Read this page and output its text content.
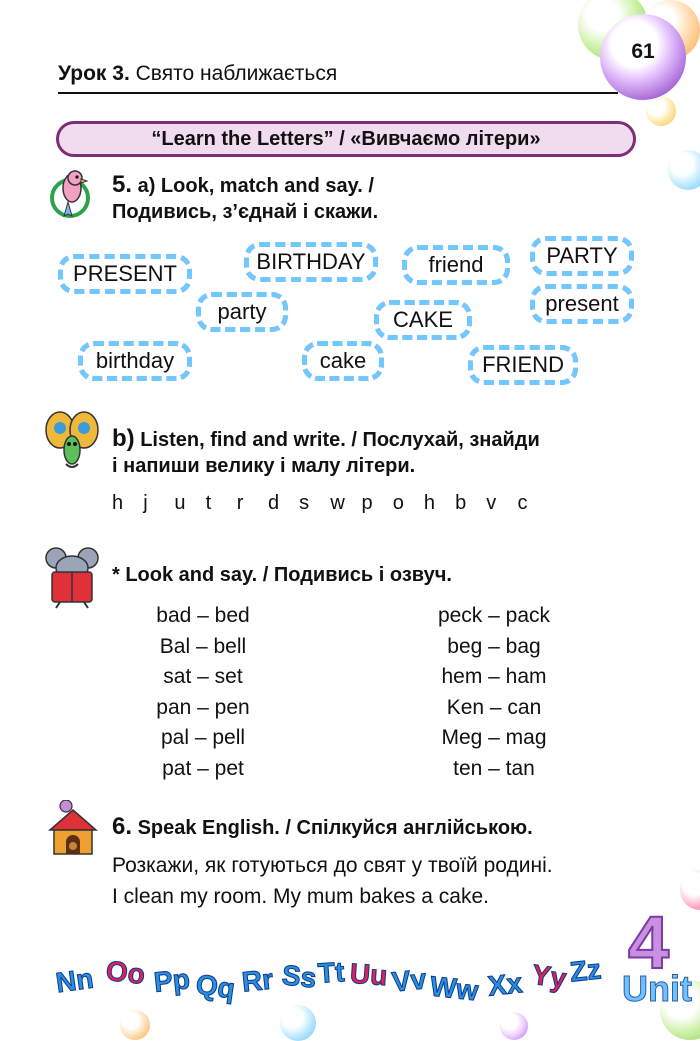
Урок 3. Свято наближається
61
“Learn the Letters” / «Вивчаємо літери»
5. a) Look, match and say. /
Подивись, з’єднай і скажи.
PRESENT	BIRTHDAY	friend	PARTY
party	CAKE
present
birthday	cake	FRIEND
b) Listen, find and write. / Послухай, знайди
і напиши велику і малу літери.
h j u t r d s w p o h b v c
* Look and say. / Подивись і озвуч.
bad – bed
Bal – bell
sat – set
pan – pen
pal – pell
pat – pet
peck – pack
beg – bag
hem – ham
Ken – can
Meg – mag
ten – tan
6. Speak English. / Спілкуйся англійською.
Розкажи, як готуються до свят у твоїй родині.
I clean my room. My mum bakes a cake.
Nn Oo Pp Qq Rr Ss Tt Uu Vv Ww Xx Yy Zz 4
Unit
